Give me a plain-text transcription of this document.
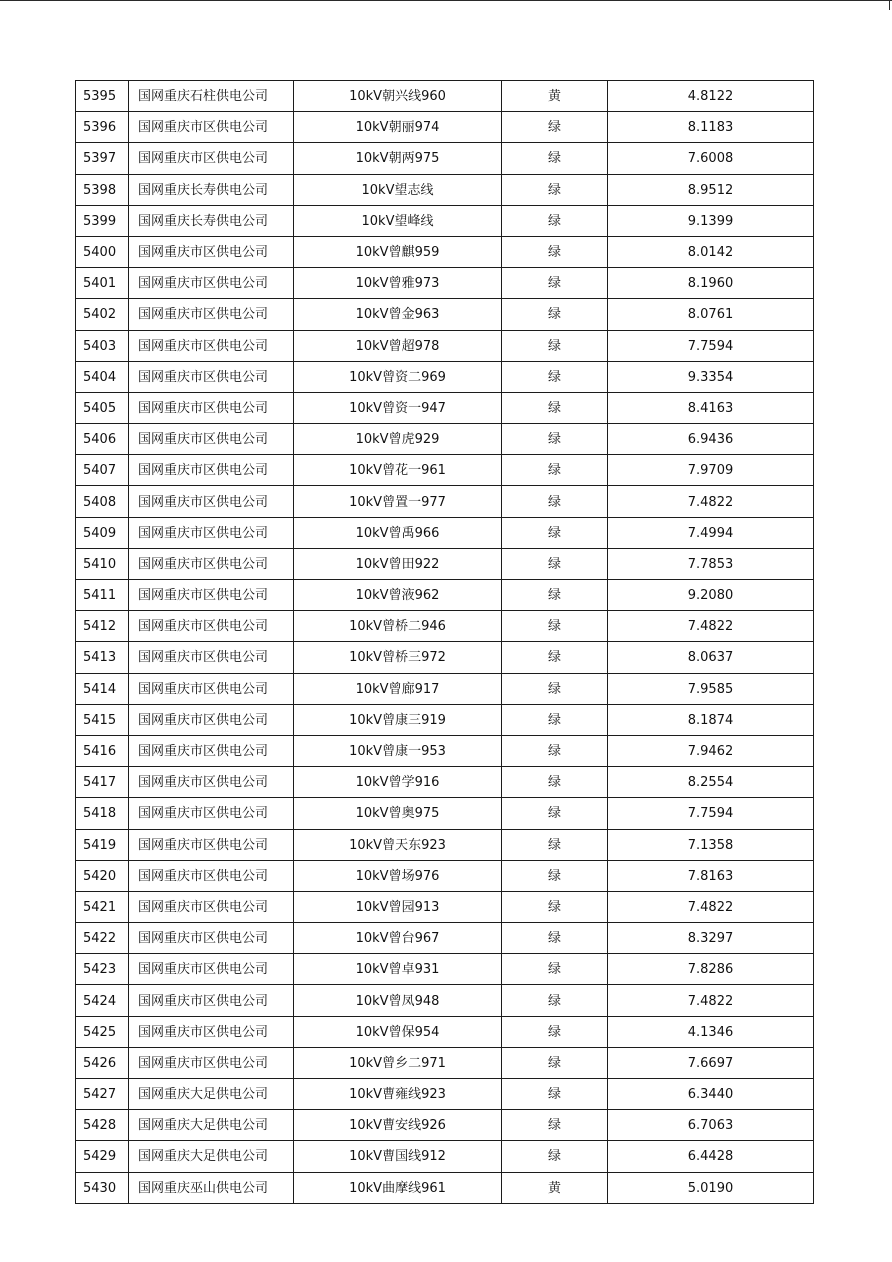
5395	国网重庆石柱供电公司	10kV朝兴线960	黄	4.8122
5396	国网重庆市区供电公司	10kV朝丽974	绿	8.1183
5397	国网重庆市区供电公司	10kV朝两975	绿	7.6008
5398	国网重庆长寿供电公司	10kV望志线	绿	8.9512
5399	国网重庆长寿供电公司	10kV望峰线	绿	9.1399
5400	国网重庆市区供电公司	10kV曾麒959	绿	8.0142
5401	国网重庆市区供电公司	10kV曾雅973	绿	8.1960
5402	国网重庆市区供电公司	10kV曾金963	绿	8.0761
5403	国网重庆市区供电公司	10kV曾超978	绿	7.7594
5404	国网重庆市区供电公司	10kV曾资二969	绿	9.3354
5405	国网重庆市区供电公司	10kV曾资一947	绿	8.4163
5406	国网重庆市区供电公司	10kV曾虎929	绿	6.9436
5407	国网重庆市区供电公司	10kV曾花一961	绿	7.9709
5408	国网重庆市区供电公司	10kV曾置一977	绿	7.4822
5409	国网重庆市区供电公司	10kV曾禹966	绿	7.4994
5410	国网重庆市区供电公司	10kV曾田922	绿	7.7853
5411	国网重庆市区供电公司	10kV曾液962	绿	9.2080
5412	国网重庆市区供电公司	10kV曾桥二946	绿	7.4822
5413	国网重庆市区供电公司	10kV曾桥三972	绿	8.0637
5414	国网重庆市区供电公司	10kV曾廊917	绿	7.9585
5415	国网重庆市区供电公司	10kV曾康三919	绿	8.1874
5416	国网重庆市区供电公司	10kV曾康一953	绿	7.9462
5417	国网重庆市区供电公司	10kV曾学916	绿	8.2554
5418	国网重庆市区供电公司	10kV曾奥975	绿	7.7594
5419	国网重庆市区供电公司	10kV曾天东923	绿	7.1358
5420	国网重庆市区供电公司	10kV曾场976	绿	7.8163
5421	国网重庆市区供电公司	10kV曾园913	绿	7.4822
5422	国网重庆市区供电公司	10kV曾台967	绿	8.3297
5423	国网重庆市区供电公司	10kV曾卓931	绿	7.8286
5424	国网重庆市区供电公司	10kV曾凤948	绿	7.4822
5425	国网重庆市区供电公司	10kV曾保954	绿	4.1346
5426	国网重庆市区供电公司	10kV曾乡二971	绿	7.6697
5427	国网重庆大足供电公司	10kV曹雍线923	绿	6.3440
5428	国网重庆大足供电公司	10kV曹安线926	绿	6.7063
5429	国网重庆大足供电公司	10kV曹国线912	绿	6.4428
5430	国网重庆巫山供电公司	10kV曲摩线961	黄	5.0190
